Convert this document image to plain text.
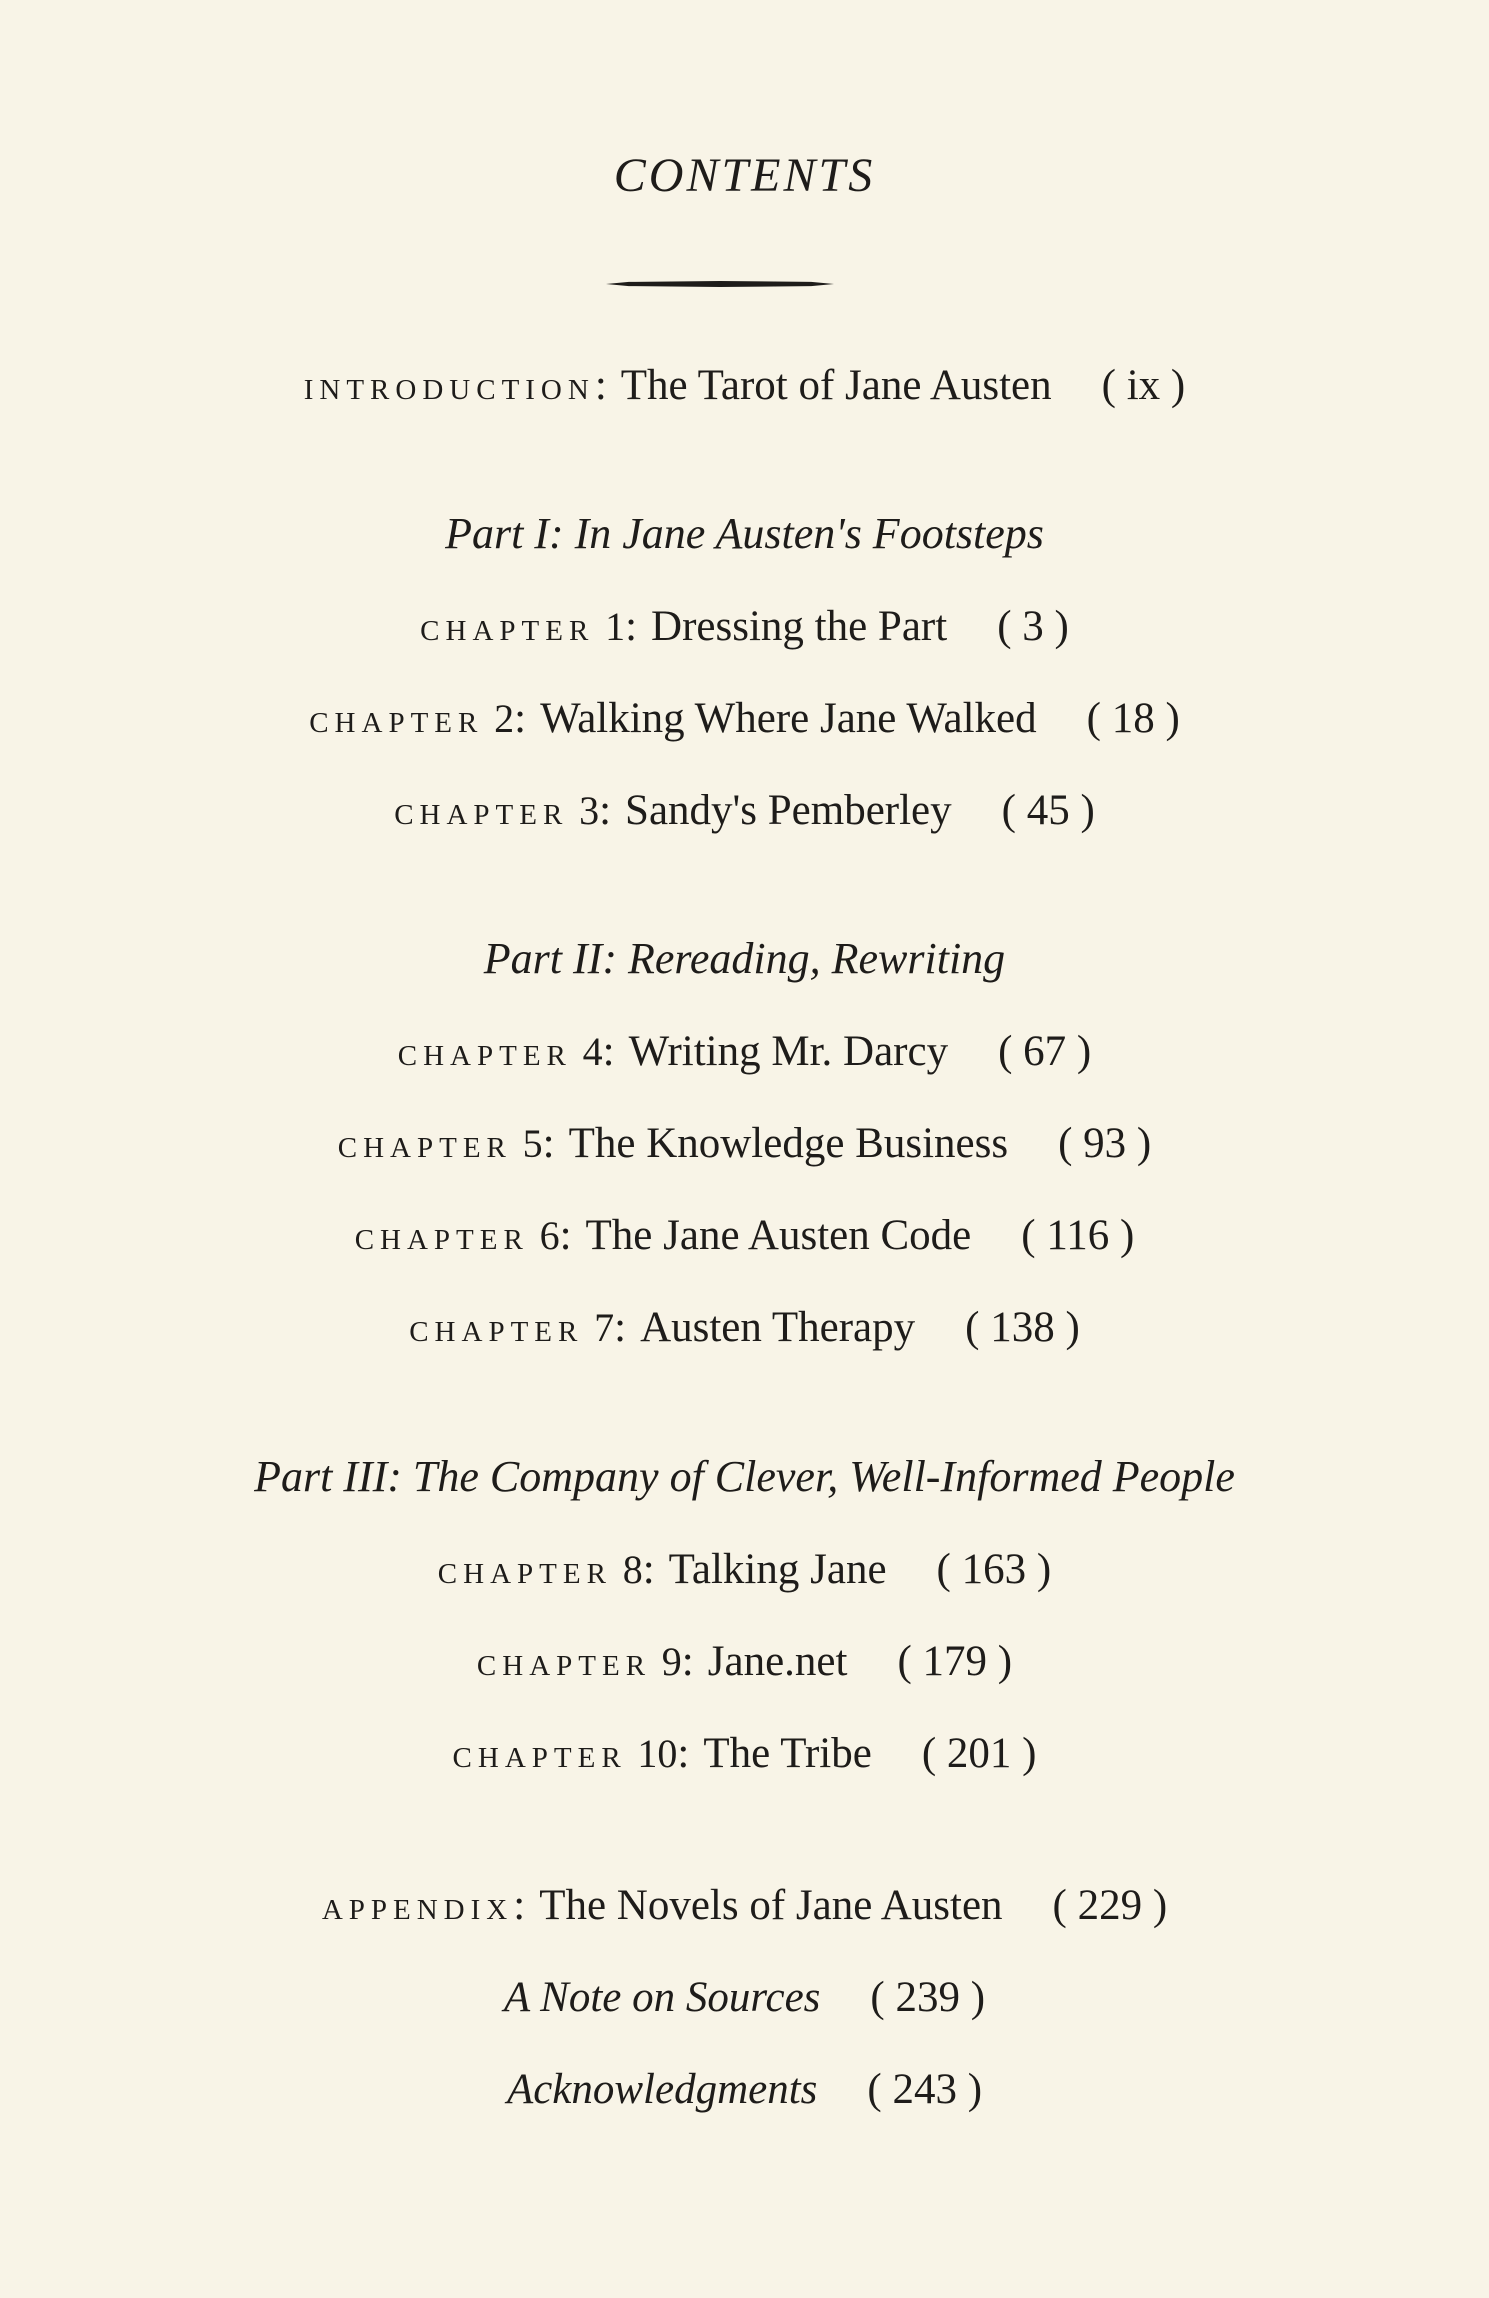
CONTENTS
INTRODUCTION: The Tarot of Jane Austen ( ix )
Part I: In Jane Austen's Footsteps
CHAPTER 1: Dressing the Part ( 3 )
CHAPTER 2: Walking Where Jane Walked ( 18 )
CHAPTER 3: Sandy's Pemberley ( 45 )
Part II: Rereading, Rewriting
CHAPTER 4: Writing Mr. Darcy ( 67 )
CHAPTER 5: The Knowledge Business ( 93 )
CHAPTER 6: The Jane Austen Code ( 116 )
CHAPTER 7: Austen Therapy ( 138 )
Part III: The Company of Clever, Well-Informed People
CHAPTER 8: Talking Jane ( 163 )
CHAPTER 9: Jane.net ( 179 )
CHAPTER 10: The Tribe ( 201 )
APPENDIX: The Novels of Jane Austen ( 229 )
A Note on Sources ( 239 )
Acknowledgments ( 243 )
